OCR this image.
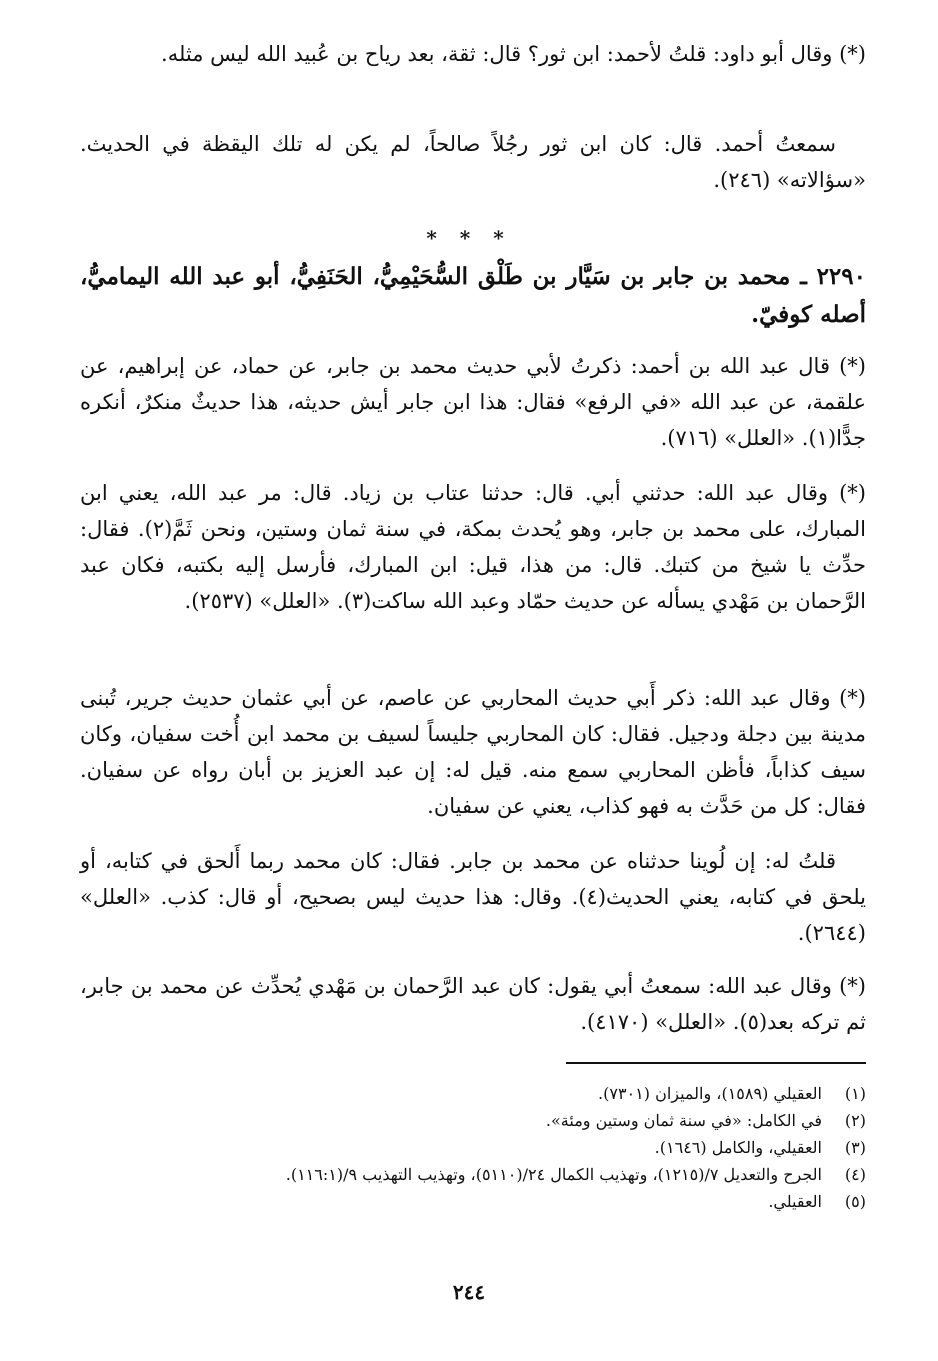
(*) وقال أبو داود: قلتُ لأحمد: ابن ثور؟ قال: ثقة، بعد رياح بن عُبيد الله ليس مثله.

سمعتُ أحمد. قال: كان ابن ثور رجُلاً صالحاً، لم يكن له تلك اليقظة في الحديث. «سؤالاته» (٢٤٦).

* * *
٢٢٩٠ ـ محمد بن جابر بن سَيَّار بن طَلْق السُّحَيْمِيُّ، الحَنَفِيُّ، أبو عبد الله اليماميُّ، أصله كوفيّ.

(*) قال عبد الله بن أحمد: ذكرتُ لأبي حديث محمد بن جابر، عن حماد، عن إبراهيم، عن علقمة، عن عبد الله «في الرفع» فقال: هذا ابن جابر أيش حديثه، هذا حديثٌ منكرٌ، أنكره جدًّا(١). «العلل» (٧١٦).

(*) وقال عبد الله: حدثني أبي. قال: حدثنا عتاب بن زياد. قال: مر عبد الله، يعني ابن المبارك، على محمد بن جابر، وهو يُحدث بمكة، في سنة ثمان وستين، ونحن ثَمَّ(٢). فقال: حدِّث يا شيخ من كتبك. قال: من هذا، قيل: ابن المبارك، فأرسل إليه بكتبه، فكان عبد الرَّحمان بن مَهْدي يسأله عن حديث حمّاد وعبد الله ساكت(٣). «العلل» (٢٥٣٧).

(*) وقال عبد الله: ذكر أَبي حديث المحاربي عن عاصم، عن أبي عثمان حديث جرير، تُبنى مدينة بين دجلة ودجيل. فقال: كان المحاربي جليساً لسيف بن محمد ابن أُخت سفيان، وكان سيف كذاباً، فأظن المحاربي سمع منه. قيل له: إن عبد العزيز بن أبان رواه عن سفيان. فقال: كل من حَدَّث به فهو كذاب، يعني عن سفيان.

قلتُ له: إن لُوينا حدثناه عن محمد بن جابر. فقال: كان محمد ربما أَلحق في كتابه، أو يلحق في كتابه، يعني الحديث(٤). وقال: هذا حديث ليس بصحيح، أو قال: كذب. «العلل» (٢٦٤٤).

(*) وقال عبد الله: سمعتُ أبي يقول: كان عبد الرَّحمان بن مَهْدي يُحدِّث عن محمد بن جابر، ثم تركه بعد(٥). «العلل» (٤١٧٠).

(١)
العقيلي (١٥٨٩)، والميزان (٧٣٠١).
(٢)
في الكامل: «في سنة ثمان وستين ومئة».
(٣)
العقيلي، والكامل (١٦٤٦).
(٤)
الجرح والتعديل ٧/(١٢١٥)، وتهذيب الكمال ٢٤/(٥١١٠)، وتهذيب التهذيب ٩/(١١٦:١).
(٥)
العقيلي.
٢٤٤
